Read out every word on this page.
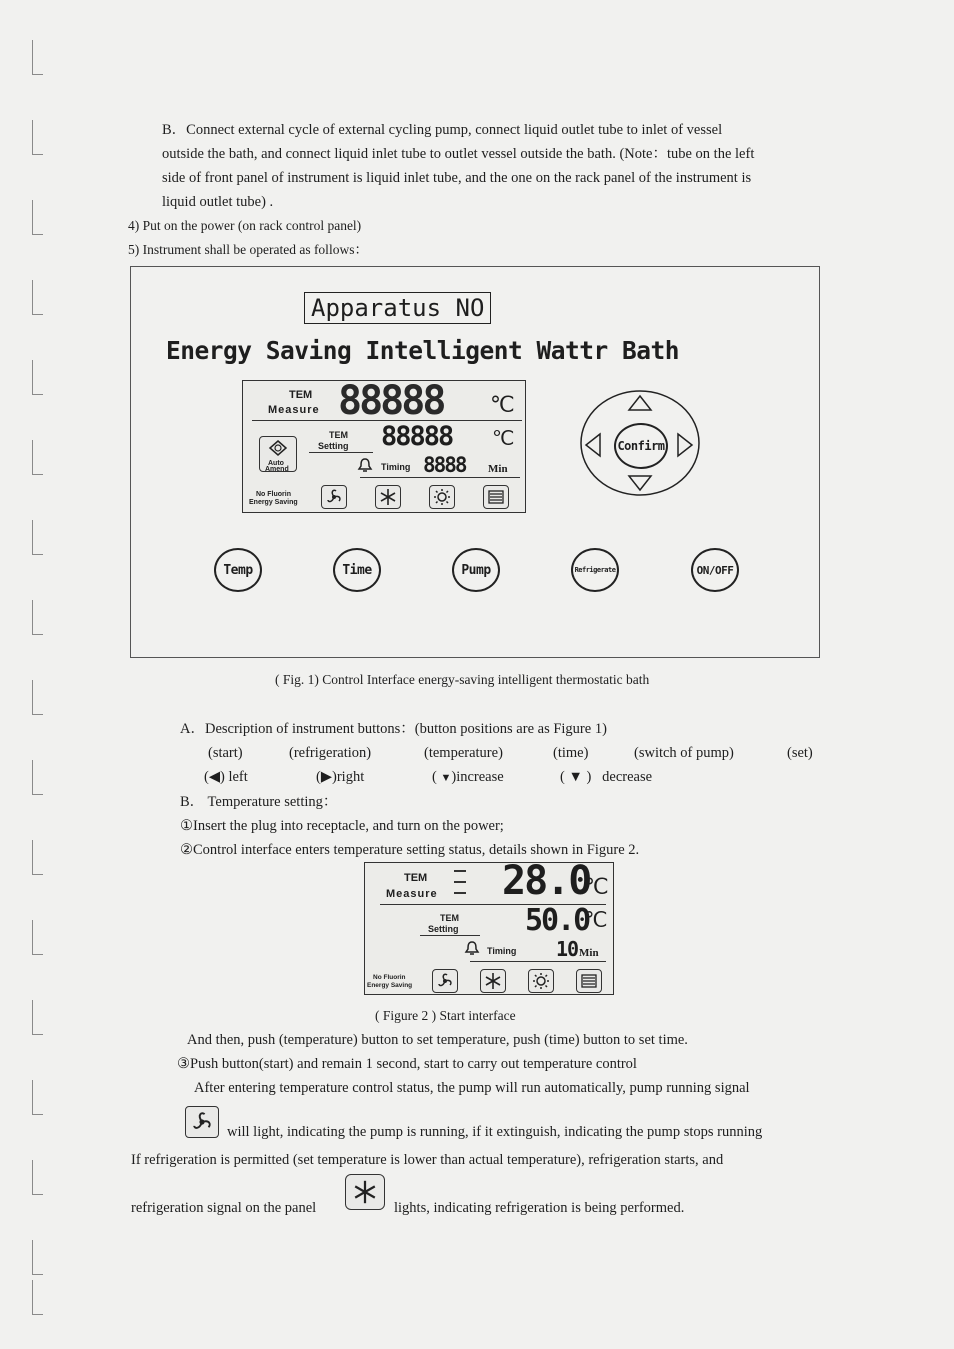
B．Connect external cycle of external cycling pump, connect liquid outlet tube to inlet of vessel
outside the bath, and connect liquid inlet tube to outlet vessel outside the bath. (Note：tube on the left
side of front panel of instrument is liquid inlet tube, and the one on the rack panel of the instrument is
liquid outlet tube) .
4) Put on the power (on rack control panel)
5) Instrument shall be operated as follows：
Apparatus NO
Energy Saving Intelligent Wattr Bath
TEM
Measure 88888 ℃
TEM
Setting 88888 ℃
Auto
Amend	Timing 8888 Min
No Fluorin
Energy Saving
Confirm
Temp	Time	Pump	Refrigerate	ON/OFF
( Fig. 1) Control Interface energy-saving intelligent thermostatic bath
A．Description of instrument buttons：(button positions are as Figure 1)
(start)	(refrigeration)	(temperature)	(time)	(switch of pump)	(set)
(◀) left	(▶)right	( ▼)increase	( ▼ )   decrease
B． Temperature setting：
①Insert the plug into receptacle, and turn on the power;
②Control interface enters temperature setting status, details shown in Figure 2.
TEM
Measure 28.0
℃
TEM
Setting 50.0
℃
Timing 10 Min
No Fluorin
Energy Saving
( Figure 2 ) Start interface
And then, push (temperature) button to set temperature, push (time) button to set time.
③Push button(start) and remain 1 second, start to carry out temperature control
After entering temperature control status, the pump will run automatically, pump running signal
will light, indicating the pump is running, if it extinguish, indicating the pump stops running
If refrigeration is permitted (set temperature is lower than actual temperature), refrigeration starts, and
refrigeration signal on the panel	lights, indicating refrigeration is being performed.
